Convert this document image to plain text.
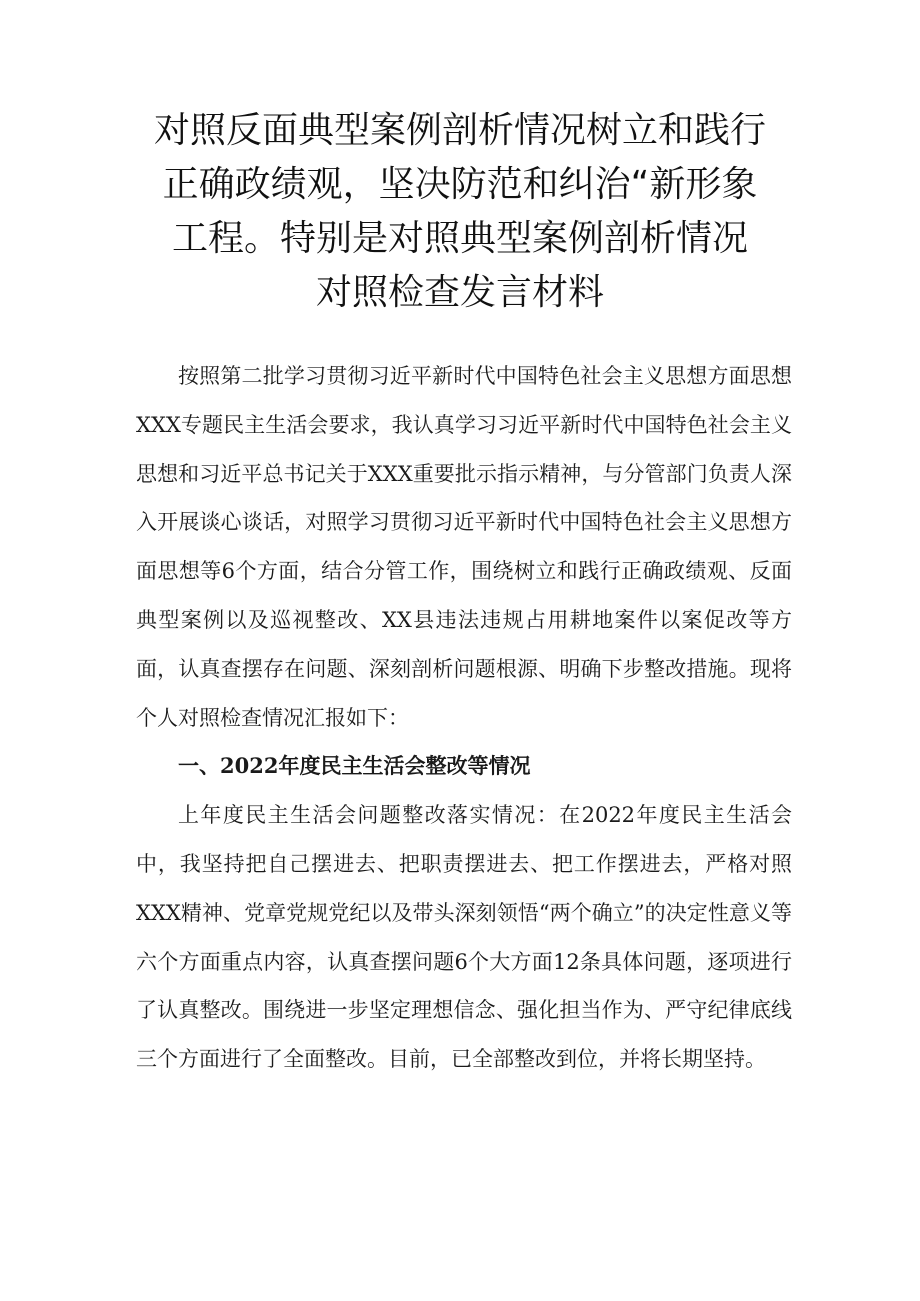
对照反面典型案例剖析情况树立和践行
正确政绩观，坚决防范和纠治“新形象
工程。特别是对照典型案例剖析情况
对照检查发言材料

按照第二批学习贯彻习近平新时代中国特色社会主义思想方面思想XXX专题民主生活会要求，我认真学习习近平新时代中国特色社会主义思想和习近平总书记关于XXX重要批示指示精神，与分管部门负责人深入开展谈心谈话，对照学习贯彻习近平新时代中国特色社会主义思想方面思想等6个方面，结合分管工作，围绕树立和践行正确政绩观、反面典型案例以及巡视整改、XX县违法违规占用耕地案件以案促改等方面，认真查摆存在问题、深刻剖析问题根源、明确下步整改措施。现将个人对照检查情况汇报如下：

一、2022年度民主生活会整改等情况

上年度民主生活会问题整改落实情况：在2022年度民主生活会中，我坚持把自己摆进去、把职责摆进去、把工作摆进去，严格对照XXX精神、党章党规党纪以及带头深刻领悟“两个确立”的决定性意义等六个方面重点内容，认真查摆问题6个大方面12条具体问题，逐项进行了认真整改。围绕进一步坚定理想信念、强化担当作为、严守纪律底线三个方面进行了全面整改。目前，已全部整改到位，并将长期坚持。
